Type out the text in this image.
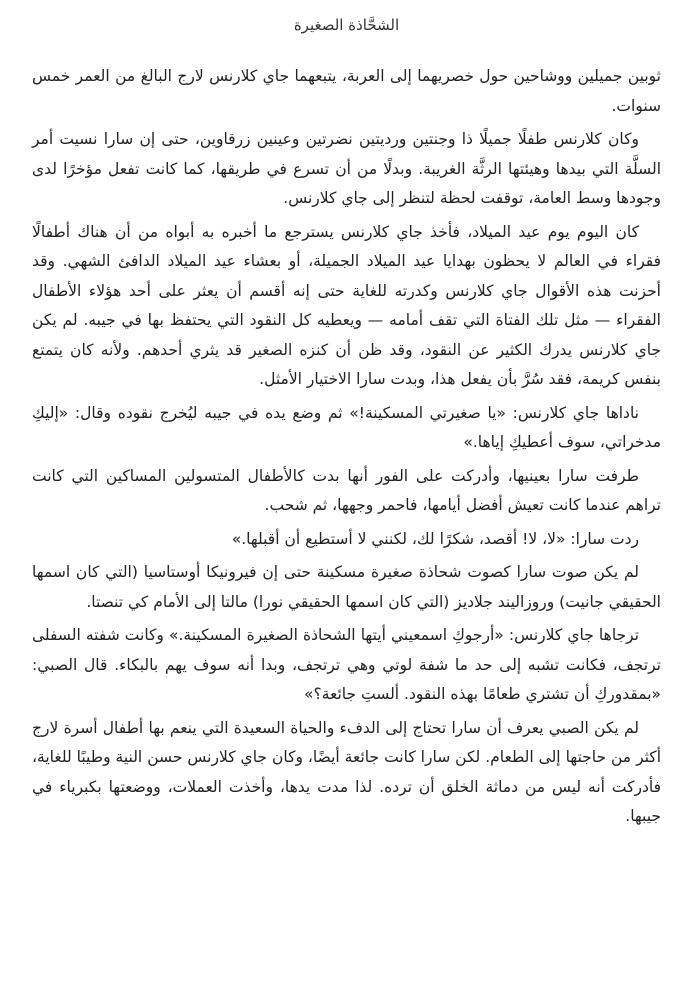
الشحَّاذة الصغيرة

ثوبين جميلين ووشاحين حول خصريهما إلى العربة، يتبعهما جاي كلارنس لارج البالغ من العمر خمس سنوات.

وكان كلارنس طفلًا جميلًا ذا وجنتين ورديتين نضرتين وعينين زرقاوين، حتى إن سارا نسيت أمر السلَّة التي بيدها وهيئتها الرثَّة الغريبة. وبدلًا من أن تسرع في طريقها، كما كانت تفعل مؤخرًا لدى وجودها وسط العامة، توقفت لحظة لتنظر إلى جاي كلارنس.

كان اليوم يوم عيد الميلاد، فأخذ جاي كلارنس يسترجع ما أخبره به أبواه من أن هناك أطفالًا فقراء في العالم لا يحظون بهدايا عيد الميلاد الجميلة، أو بعشاء عيد الميلاد الدافئ الشهي. وقد أحزنت هذه الأقوال جاي كلارنس وكدرته للغاية حتى إنه أقسم أن يعثر على أحد هؤلاء الأطفال الفقراء — مثل تلك الفتاة التي تقف أمامه — ويعطيه كل النقود التي يحتفظ بها في جيبه. لم يكن جاي كلارنس يدرك الكثير عن النقود، وقد ظن أن كنزه الصغير قد يثري أحدهم. ولأنه كان يتمتع بنفس كريمة، فقد سُرَّ بأن يفعل هذا، وبدت سارا الاختيار الأمثل.

ناداها جاي كلارنس: «يا صغيرتي المسكينة!» ثم وضع يده في جيبه ليُخرج نقوده وقال: «إليكِ مدخراتي، سوف أعطيكِ إياها.»

طرفت سارا بعينيها، وأدركت على الفور أنها بدت كالأطفال المتسولين المساكين التي كانت تراهم عندما كانت تعيش أفضل أيامها، فاحمر وجهها، ثم شحب.

ردت سارا: «لا، لا! أقصد، شكرًا لك، لكنني لا أستطيع أن أقبلها.»

لم يكن صوت سارا كصوت شحاذة صغيرة مسكينة حتى إن فيرونيكا أوستاسيا (التي كان اسمها الحقيقي جانيت) وروزاليند جلاديز (التي كان اسمها الحقيقي نورا) مالتا إلى الأمام كي تنصتا.

ترجاها جاي كلارنس: «أرجوكِ اسمعيني أيتها الشحاذة الصغيرة المسكينة.» وكانت شفته السفلى ترتجف، فكانت تشبه إلى حد ما شفة لوتي وهي ترتجف، وبدا أنه سوف يهم بالبكاء. قال الصبي: «بمقدوركِ أن تشتري طعامًا بهذه النقود. ألستِ جائعة؟»

لم يكن الصبي يعرف أن سارا تحتاج إلى الدفء والحياة السعيدة التي ينعم بها أطفال أسرة لارج أكثر من حاجتها إلى الطعام. لكن سارا كانت جائعة أيضًا، وكان جاي كلارنس حسن النية وطيبًا للغاية، فأدركت أنه ليس من دماثة الخلق أن ترده. لذا مدت يدها، وأخذت العملات، ووضعتها بكبرياء في جيبها.
